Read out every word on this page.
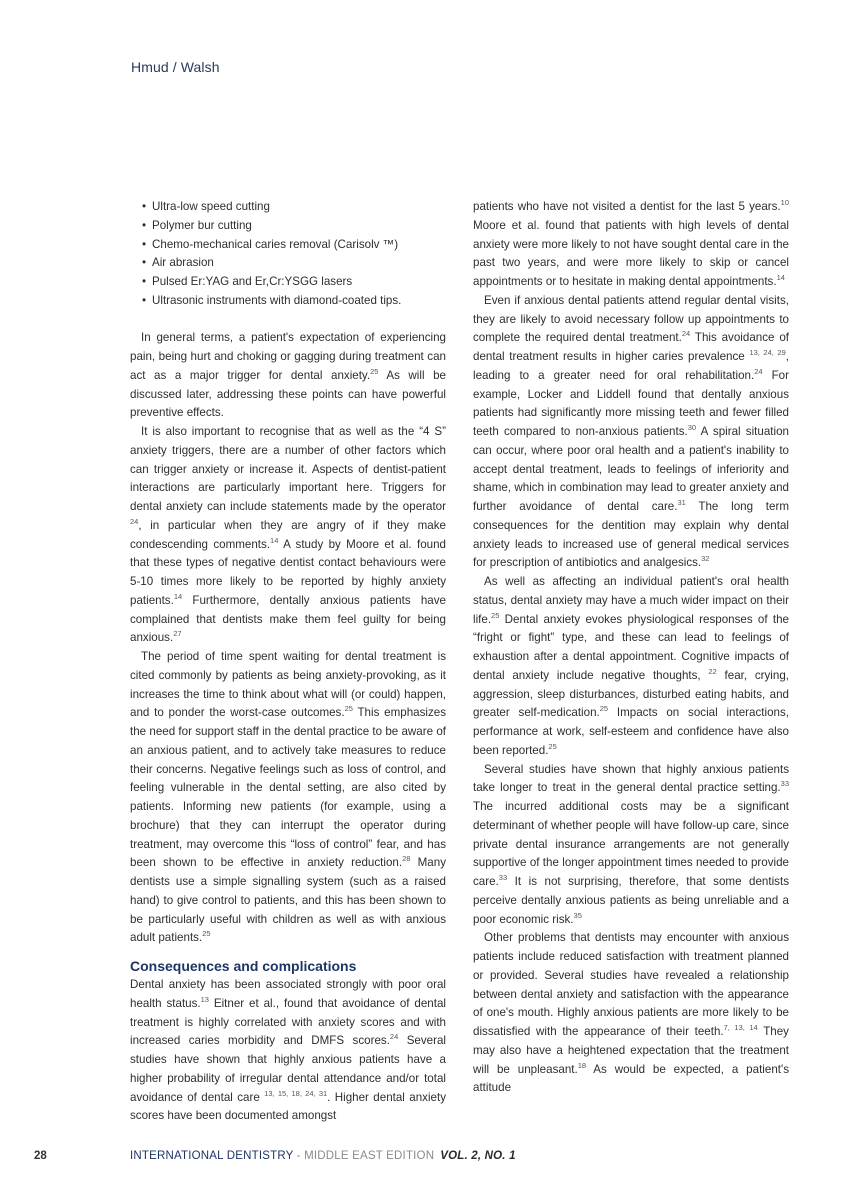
Hmud / Walsh
• Ultra-low speed cutting
• Polymer bur cutting
• Chemo-mechanical caries removal (Carisolv ™)
• Air abrasion
• Pulsed Er:YAG and Er,Cr:YSGG lasers
• Ultrasonic instruments with diamond-coated tips.

In general terms, a patient's expectation of experiencing pain, being hurt and choking or gagging during treatment can act as a major trigger for dental anxiety.$^{25}$ As will be discussed later, addressing these points can have powerful preventive effects.

It is also important to recognise that as well as the “4 S” anxiety triggers, there are a number of other factors which can trigger anxiety or increase it. Aspects of dentist-patient interactions are particularly important here. Triggers for dental anxiety can include statements made by the operator $^{24}$, in particular when they are angry of if they make condescending comments.$^{14}$ A study by Moore et al. found that these types of negative dentist contact behaviours were 5-10 times more likely to be reported by highly anxiety patients.$^{14}$ Furthermore, dentally anxious patients have complained that dentists make them feel guilty for being anxious.$^{27}$

The period of time spent waiting for dental treatment is cited commonly by patients as being anxiety-provoking, as it increases the time to think about what will (or could) happen, and to ponder the worst-case outcomes.$^{25}$ This emphasizes the need for support staff in the dental practice to be aware of an anxious patient, and to actively take measures to reduce their concerns. Negative feelings such as loss of control, and feeling vulnerable in the dental setting, are also cited by patients. Informing new patients (for example, using a brochure) that they can interrupt the operator during treatment, may overcome this “loss of control” fear, and has been shown to be effective in anxiety reduction.$^{28}$ Many dentists use a simple signalling system (such as a raised hand) to give control to patients, and this has been shown to be particularly useful with children as well as with anxious adult patients.$^{25}$

Consequences and complications

Dental anxiety has been associated strongly with poor oral health status.$^{13}$ Eitner et al., found that avoidance of dental treatment is highly correlated with anxiety scores and with increased caries morbidity and DMFS scores.$^{24}$ Several studies have shown that highly anxious patients have a higher probability of irregular dental attendance and/or total avoidance of dental care $^{13, 15, 18, 24, 31}$. Higher dental anxiety scores have been documented amongst

patients who have not visited a dentist for the last 5 years.$^{10}$ Moore et al. found that patients with high levels of dental anxiety were more likely to not have sought dental care in the past two years, and were more likely to skip or cancel appointments or to hesitate in making dental appointments.$^{14}$

Even if anxious dental patients attend regular dental visits, they are likely to avoid necessary follow up appointments to complete the required dental treatment.$^{24}$ This avoidance of dental treatment results in higher caries prevalence $^{13, 24, 29}$, leading to a greater need for oral rehabilitation.$^{24}$ For example, Locker and Liddell found that dentally anxious patients had significantly more missing teeth and fewer filled teeth compared to non-anxious patients.$^{30}$ A spiral situation can occur, where poor oral health and a patient's inability to accept dental treatment, leads to feelings of inferiority and shame, which in combination may lead to greater anxiety and further avoidance of dental care.$^{31}$ The long term consequences for the dentition may explain why dental anxiety leads to increased use of general medical services for prescription of antibiotics and analgesics.$^{32}$

As well as affecting an individual patient's oral health status, dental anxiety may have a much wider impact on their life.$^{25}$ Dental anxiety evokes physiological responses of the “fright or fight” type, and these can lead to feelings of exhaustion after a dental appointment. Cognitive impacts of dental anxiety include negative thoughts, $^{22}$ fear, crying, aggression, sleep disturbances, disturbed eating habits, and greater self-medication.$^{25}$ Impacts on social interactions, performance at work, self-esteem and confidence have also been reported.$^{25}$

Several studies have shown that highly anxious patients take longer to treat in the general dental practice setting.$^{33}$ The incurred additional costs may be a significant determinant of whether people will have follow-up care, since private dental insurance arrangements are not generally supportive of the longer appointment times needed to provide care.$^{33}$ It is not surprising, therefore, that some dentists perceive dentally anxious patients as being unreliable and a poor economic risk.$^{35}$

Other problems that dentists may encounter with anxious patients include reduced satisfaction with treatment planned or provided. Several studies have revealed a relationship between dental anxiety and satisfaction with the appearance of one's mouth. Highly anxious patients are more likely to be dissatisfied with the appearance of their teeth.$^{7, 13, 14}$ They may also have a heightened expectation that the treatment will be unpleasant.$^{18}$ As would be expected, a patient's attitude

28	INTERNATIONAL DENTISTRY - MIDDLE EAST EDITION VOL. 2, NO. 1
